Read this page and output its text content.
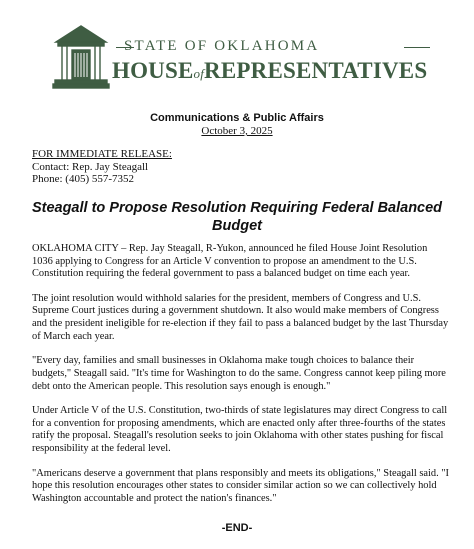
STATE OF OKLAHOMA
HOUSEofREPRESENTATIVES
Communications & Public Affairs
October 3, 2025
FOR IMMEDIATE RELEASE:
Contact: Rep. Jay Steagall
Phone: (405) 557-7352
Steagall to Propose Resolution Requiring Federal Balanced Budget

OKLAHOMA CITY – Rep. Jay Steagall, R-Yukon, announced he filed House Joint Resolution 1036 applying to Congress for an Article V convention to propose an amendment to the U.S. Constitution requiring the federal government to pass a balanced budget on time each year.

The joint resolution would withhold salaries for the president, members of Congress and U.S. Supreme Court justices during a government shutdown. It also would make members of Congress and the president ineligible for re-election if they fail to pass a balanced budget by the last Thursday of March each year.

"Every day, families and small businesses in Oklahoma make tough choices to balance their budgets," Steagall said. "It's time for Washington to do the same. Congress cannot keep piling more debt onto the American people. This resolution says enough is enough."

Under Article V of the U.S. Constitution, two-thirds of state legislatures may direct Congress to call for a convention for proposing amendments, which are enacted only after three-fourths of the states ratify the proposal. Steagall's resolution seeks to join Oklahoma with other states pushing for fiscal responsibility at the federal level.

"Americans deserve a government that plans responsibly and meets its obligations," Steagall said. "I hope this resolution encourages other states to consider similar action so we can collectively hold Washington accountable and protect the nation's finances."

-END-
